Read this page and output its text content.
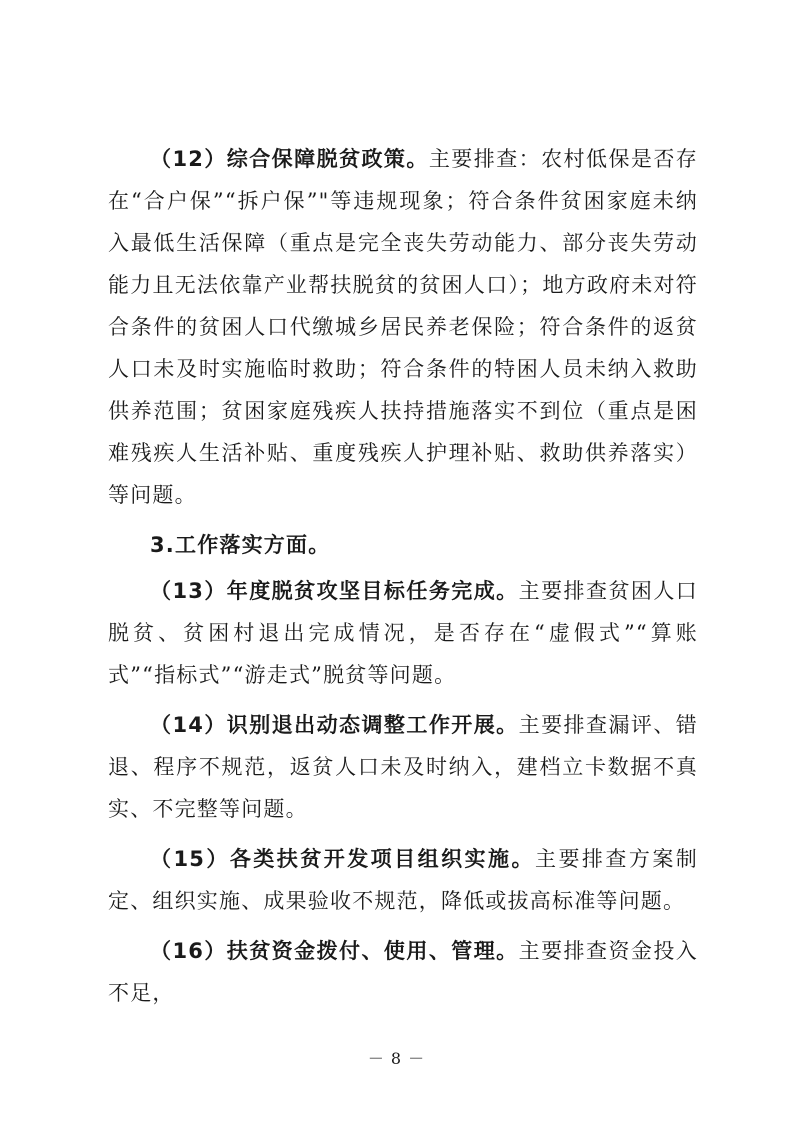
（12）综合保障脱贫政策。主要排查：农村低保是否存在“合户保”“拆户保”"等违规现象；符合条件贫困家庭未纳入最低生活保障（重点是完全丧失劳动能力、部分丧失劳动能力且无法依靠产业帮扶脱贫的贫困人口）；地方政府未对符合条件的贫困人口代缴城乡居民养老保险；符合条件的返贫人口未及时实施临时救助；符合条件的特困人员未纳入救助供养范围；贫困家庭残疾人扶持措施落实不到位（重点是困难残疾人生活补贴、重度残疾人护理补贴、救助供养落实）等问题。

3.工作落实方面。

（13）年度脱贫攻坚目标任务完成。主要排查贫困人口脱贫、贫困村退出完成情况，是否存在“虚假式”“算账式”“指标式”“游走式”脱贫等问题。

（14）识别退出动态调整工作开展。主要排查漏评、错退、程序不规范，返贫人口未及时纳入，建档立卡数据不真实、不完整等问题。

（15）各类扶贫开发项目组织实施。主要排查方案制定、组织实施、成果验收不规范，降低或拔高标准等问题。

（16）扶贫资金拨付、使用、管理。主要排查资金投入不足，

－ 8 －
